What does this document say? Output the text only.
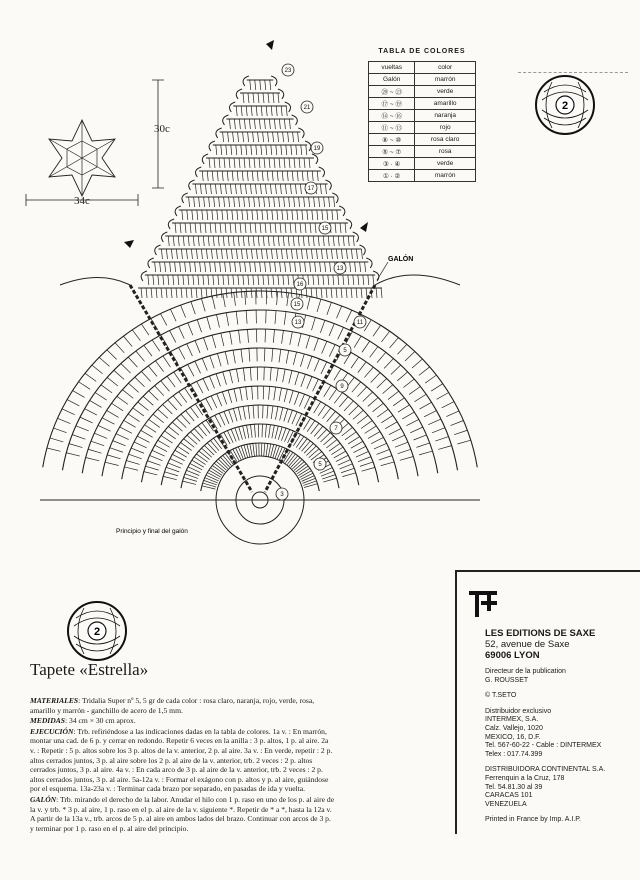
30c
34c
GALÓN
Principio y final del galón
23
21
19
17
15
13
16
15
13	11
9
7
5
3
5
TABLA DE COLORES
vueltas	color
Galón	marrón
⑳ ~ ㉓	verde
⑰ ~ ⑲	amarillo
⑭ ~ ⑯	naranja
⑪ ~ ⑬	rojo
⑧ ~ ⑩	rosa claro
⑤ ~ ⑦	rosa
③ · ④	verde
① · ②	marrón
2
2
Tapete «Estrella»

MATERIALES: Tridalia Super nº 5, 5 gr de cada color : rosa claro, naranja, rojo, verde, rosa, amarillo y marrón - ganchillo de acero de 1,5 mm.

MEDIDAS: 34 cm × 30 cm aprox.

EJECUCIÓN: Trb. refiriéndose a las indicaciones dadas en la tabla de colores. 1a v. : En marrón, montar una cad. de 6 p. y cerrar en redondo. Repetir 6 veces en la anilla : 3 p. altos, 1 p. al aire. 2a v. : Repetir : 5 p. altos sobre los 3 p. altos de la v. anterior, 2 p. al aire. 3a v. : En verde, repetir : 2 p. altos cerrados juntos, 3 p. al aire sobre los 2 p. al aire de la v. anterior, trb. 2 veces : 2 p. altos cerrados juntos, 3 p. al aire. 4a v. : En cada arco de 3 p. al aire de la v. anterior, trb. 2 veces : 2 p. altos cerrados juntos, 3 p. al aire. 5a-12a v. : Formar el exágono con p. altos y p. al aire, guiándose por el esquema. 13a-23a v. : Terminar cada brazo por separado, en pasadas de ida y vuelta.

GALÓN: Trb. mirando el derecho de la labor. Anudar el hilo con 1 p. raso en uno de los p. al aire de la v. y trb. * 3 p. al aire, 1 p. raso en el p. al aire de la v. siguiente *. Repetir de * a *, hasta la 12a v. A partir de la 13a v., trb. arcos de 5 p. al aire en ambos lados del brazo. Continuar con arcos de 3 p. y terminar por 1 p. raso en el p. al aire del principio.

LES EDITIONS DE SAXE
52, avenue de Saxe
69006 LYON
Directeur de la publication
G. ROUSSET
© T.SETO
Distribuidor exclusivo
INTERMEX, S.A.
Calz. Vallejo, 1020
MEXICO, 16, D.F.
Tel. 567-60-22 - Cable : DINTERMEX
Telex : 017.74.399
DISTRIBUIDORA CONTINENTAL S.A.
Ferrenquin a la Cruz, 178
Tel. 54.81.30 al 39
CARACAS 101
VENEZUELA
Printed in France by Imp. A.I.P.
